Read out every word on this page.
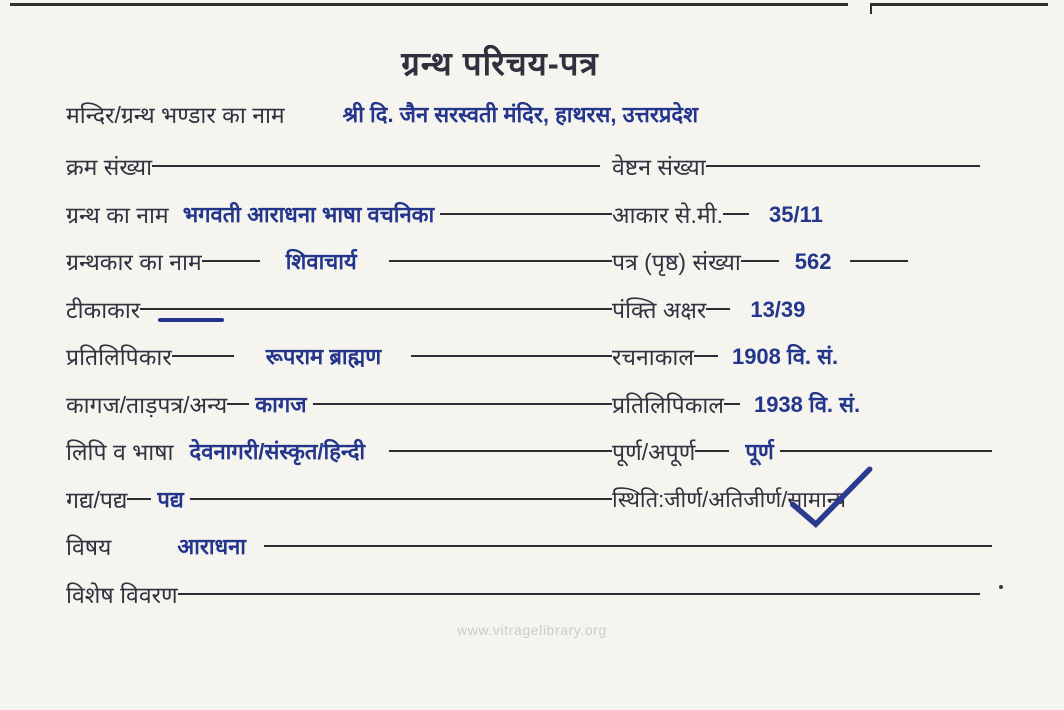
ग्रन्थ परिचय-पत्र
मन्दिर/ग्रन्थ भण्डार का नाम	श्री दि. जैन सरस्वती मंदिर, हाथरस, उत्तरप्रदेश
क्रम संख्या	वेष्टन संख्या
ग्रन्थ का नाम भगवती आराधना भाषा वचनिका	आकार से.मी. 35/11
ग्रन्थकार का नाम	शिवाचार्य	पत्र (पृष्ठ) संख्या 562
टीकाकार	पंक्ति अक्षर 13/39
प्रतिलिपिकार	रूपराम ब्राह्मण	रचनाकाल 1908 वि. सं.
कागज/ताड़पत्र/अन्य कागज	प्रतिलिपिकाल 1938 वि. सं.
लिपि व भाषा देवनागरी/संस्कृत/हिन्दी	पूर्ण/अपूर्ण पूर्ण
गद्य/पद्य पद्य	स्थिति:जीर्ण/अतिजीर्ण/ सामान्य
विषय	आराधना
विशेष विवरण
www.vitragelibrary.org
